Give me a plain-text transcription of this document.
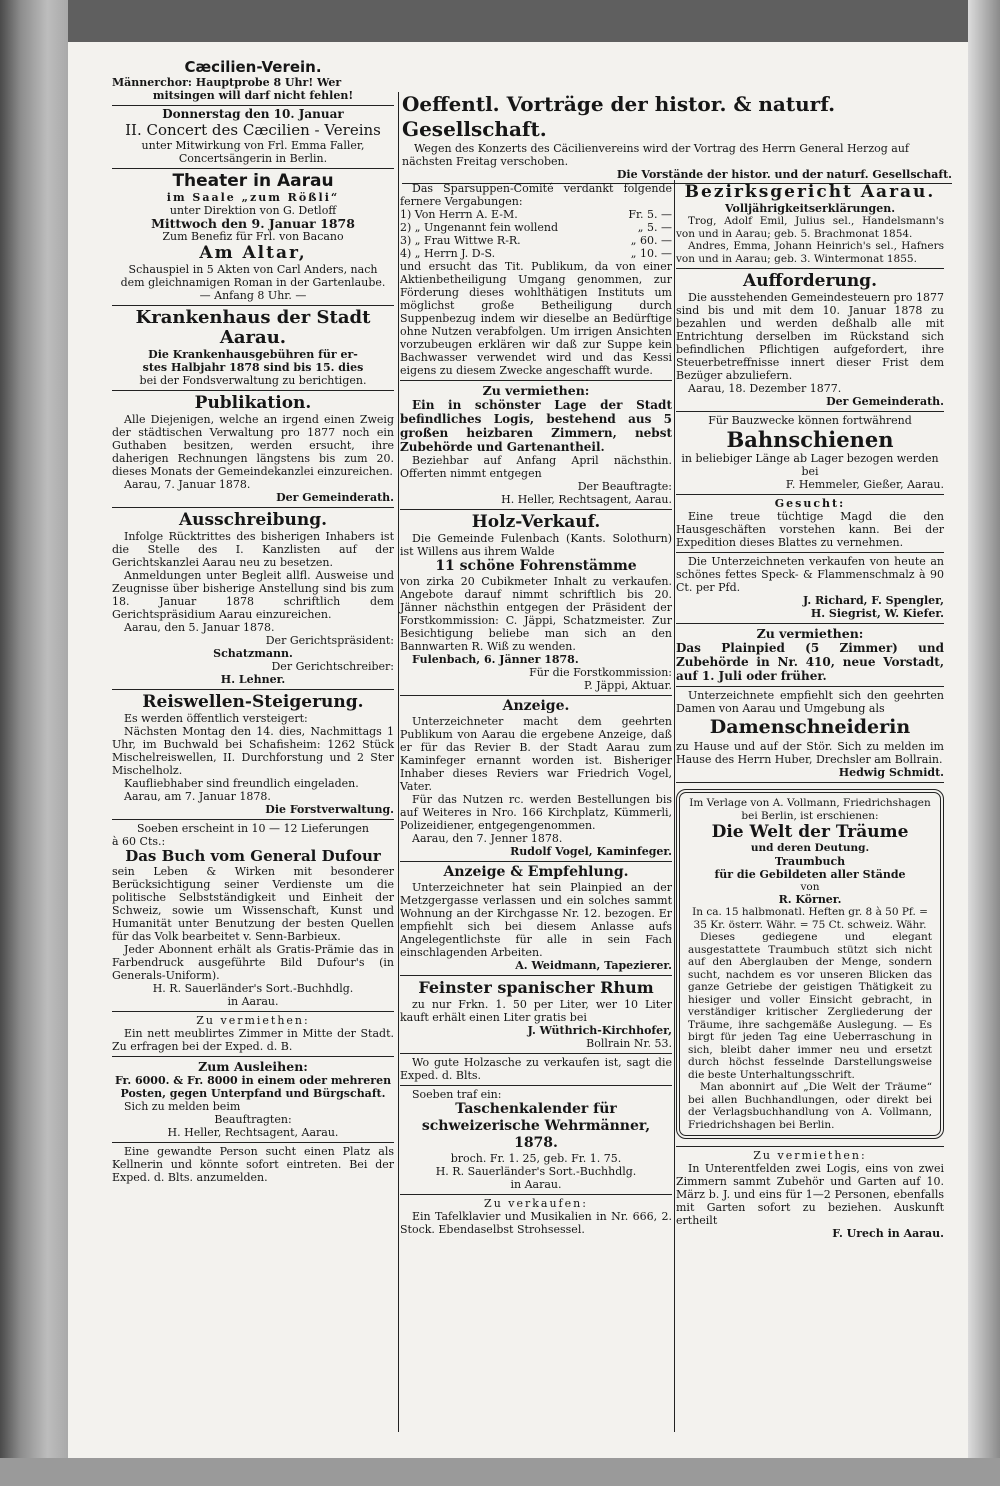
Cæcilien-Verein.
Männerchor: Hauptprobe 8 Uhr! Wer
mitsingen will darf nicht fehlen!
Donnerstag den 10. Januar
II. Concert des Cæcilien - Vereins
unter Mitwirkung von Frl. Emma Faller,
Concertsängerin in Berlin.
Theater in Aarau
im Saale „zum Rößli“
unter Direktion von G. Detloff
Mittwoch den 9. Januar 1878
Zum Benefiz für Frl. von Bacano
Am Altar,
Schauspiel in 5 Akten von Carl Anders, nach
dem gleichnamigen Roman in der Gartenlaube.
— Anfang 8 Uhr. —
Krankenhaus der Stadt Aarau.
Die Krankenhausgebühren für er-
stes Halbjahr 1878 sind bis 15. dies
bei der Fondsverwaltung zu berichtigen.
Publikation.

Alle Diejenigen, welche an irgend einen Zweig der städtischen Verwaltung pro 1877 noch ein Guthaben besitzen, werden ersucht, ihre daherigen Rechnungen längstens bis zum 20. dieses Monats der Gemeindekanzlei einzureichen.

Aarau, 7. Januar 1878.

Der Gemeinderath.

Ausschreibung.

Infolge Rücktrittes des bisherigen Inhabers ist die Stelle des I. Kanzlisten auf der Gerichtskanzlei Aarau neu zu besetzen.

Anmeldungen unter Begleit allfl. Ausweise und Zeugnisse über bisherige Anstellung sind bis zum 18. Januar 1878 schriftlich dem Gerichtspräsidium Aarau einzureichen.

Aarau, den 5. Januar 1878.

Der Gerichtspräsident:

Schatzmann.

Der Gerichtschreiber:

H. Lehner.

Reiswellen-Steigerung.

Es werden öffentlich versteigert:

Nächsten Montag den 14. dies, Nachmittags 1 Uhr, im Buchwald bei Schafisheim: 1262 Stück Mischelreiswellen, II. Durchforstung und 2 Ster Mischelholz.

Kaufliebhaber sind freundlich eingeladen.

Aarau, am 7. Januar 1878.

Die Forstverwaltung.

Soeben erscheint in 10 — 12 Lieferungen

à 60 Cts.:

Das Buch vom General Dufour

sein Leben & Wirken mit besonderer Berücksichtigung seiner Verdienste um die politische Selbstständigkeit und Einheit der Schweiz, sowie um Wissenschaft, Kunst und Humanität unter Benutzung der besten Quellen für das Volk bearbeitet v. Senn-Barbieux.

Jeder Abonnent erhält als Gratis-Prämie das in Farbendruck ausgeführte Bild Dufour's (in Generals-Uniform).

H. R. Sauerländer's Sort.-Buchhdlg.

in Aarau.

Zu vermiethen:

Ein nett meublirtes Zimmer in Mitte der Stadt. Zu erfragen bei der Exped. d. B.

Zum Ausleihen:

Fr. 6000. & Fr. 8000 in einem oder mehreren Posten, gegen Unterpfand und Bürgschaft.

Sich zu melden beim

Beauftragten:

H. Heller, Rechtsagent, Aarau.

Eine gewandte Person sucht einen Platz als Kellnerin und könnte sofort eintreten. Bei der Exped. d. Blts. anzumelden.

Oeffentl. Vorträge der histor. & naturf. Gesellschaft.

Wegen des Konzerts des Cäcilienvereins wird der Vortrag des Herrn General Herzog auf nächsten Freitag verschoben.

Die Vorstände der histor. und der naturf. Gesellschaft.

Das Sparsuppen-Comité verdankt folgende fernere Vergabungen:

1) Von Herrn A. E-M.	Fr. 5. —
2) „ Ungenannt fein wollend	„ 5. —
3) „ Frau Wittwe R-R.	„ 60. —
4) „ Herrn J. D-S.	„ 10. —

und ersucht das Tit. Publikum, da von einer Aktienbetheiligung Umgang genommen, zur Förderung dieses wohlthätigen Instituts um möglichst große Betheiligung durch Suppenbezug indem wir dieselbe an Bedürftige ohne Nutzen verabfolgen. Um irrigen Ansichten vorzubeugen erklären wir daß zur Suppe kein Bachwasser verwendet wird und das Kessi eigens zu diesem Zwecke angeschafft wurde.

Zu vermiethen:

Ein in schönster Lage der Stadt befindliches Logis, bestehend aus 5 großen heizbaren Zimmern, nebst Zubehörde und Gartenantheil.

Beziehbar auf Anfang April nächsthin. Offerten nimmt entgegen

Der Beauftragte:

H. Heller, Rechtsagent, Aarau.

Holz-Verkauf.

Die Gemeinde Fulenbach (Kants. Solothurn) ist Willens aus ihrem Walde

11 schöne Fohrenstämme

von zirka 20 Cubikmeter Inhalt zu verkaufen. Angebote darauf nimmt schriftlich bis 20. Jänner nächsthin entgegen der Präsident der Forstkommission: C. Jäppi, Schatzmeister. Zur Besichtigung beliebe man sich an den Bannwarten R. Wiß zu wenden.

Fulenbach, 6. Jänner 1878.

Für die Forstkommission:

P. Jäppi, Aktuar.

Anzeige.

Unterzeichneter macht dem geehrten Publikum von Aarau die ergebene Anzeige, daß er für das Revier B. der Stadt Aarau zum Kaminfeger ernannt worden ist. Bisheriger Inhaber dieses Reviers war Friedrich Vogel, Vater.

Für das Nutzen rc. werden Bestellungen bis auf Weiteres in Nro. 166 Kirchplatz, Kümmerli, Polizeidiener, entgegengenommen.

Aarau, den 7. Jenner 1878.

Rudolf Vogel, Kaminfeger.

Anzeige & Empfehlung.

Unterzeichneter hat sein Plainpied an der Metzgergasse verlassen und ein solches sammt Wohnung an der Kirchgasse Nr. 12. bezogen. Er empfiehlt sich bei diesem Anlasse aufs Angelegentlichste für alle in sein Fach einschlagenden Arbeiten.

A. Weidmann, Tapezierer.

Feinster spanischer Rhum

zu nur Frkn. 1. 50 per Liter, wer 10 Liter kauft erhält einen Liter gratis bei

J. Wüthrich-Kirchhofer,

Bollrain Nr. 53.

Wo gute Holzasche zu verkaufen ist, sagt die Exped. d. Blts.

Soeben traf ein:

Taschenkalender für schweizerische Wehrmänner, 1878.

broch. Fr. 1. 25, geb. Fr. 1. 75.

H. R. Sauerländer's Sort.-Buchhdlg.

in Aarau.

Zu verkaufen:

Ein Tafelklavier und Musikalien in Nr. 666, 2. Stock. Ebendaselbst Strohsessel.

Bezirksgericht Aarau.

Volljährigkeitserklärungen.

Trog, Adolf Emil, Julius sel., Handelsmann's von und in Aarau; geb. 5. Brachmonat 1854.

Andres, Emma, Johann Heinrich's sel., Hafners von und in Aarau; geb. 3. Wintermonat 1855.

Aufforderung.

Die ausstehenden Gemeindesteuern pro 1877 sind bis und mit dem 10. Januar 1878 zu bezahlen und werden deßhalb alle mit Entrichtung derselben im Rückstand sich befindlichen Pflichtigen aufgefordert, ihre Steuerbetreffnisse innert dieser Frist dem Bezüger abzuliefern.

Aarau, 18. Dezember 1877.

Der Gemeinderath.

Für Bauzwecke können fortwährend

Bahnschienen

in beliebiger Länge ab Lager bezogen werden bei

F. Hemmeler, Gießer, Aarau.

Gesucht:

Eine treue tüchtige Magd die den Hausgeschäften vorstehen kann. Bei der Expedition dieses Blattes zu vernehmen.

Die Unterzeichneten verkaufen von heute an schönes fettes Speck- & Flammenschmalz à 90 Ct. per Pfd.

J. Richard, F. Spengler,

H. Siegrist, W. Kiefer.

Zu vermiethen:

Das Plainpied (5 Zimmer) und Zubehörde in Nr. 410, neue Vorstadt, auf 1. Juli oder früher.

Unterzeichnete empfiehlt sich den geehrten Damen von Aarau und Umgebung als

Damenschneiderin

zu Hause und auf der Stör. Sich zu melden im Hause des Herrn Huber, Drechsler am Bollrain.

Hedwig Schmidt.

Im Verlage von A. Vollmann, Friedrichshagen bei Berlin, ist erschienen:

Die Welt der Träume

und deren Deutung.

Traumbuch

für die Gebildeten aller Stände

von

R. Körner.

In ca. 15 halbmonatl. Heften gr. 8 à 50 Pf. = 35 Kr. österr. Währ. = 75 Ct. schweiz. Währ.

Dieses gediegene und elegant ausgestattete Traumbuch stützt sich nicht auf den Aberglauben der Menge, sondern sucht, nachdem es vor unseren Blicken das ganze Getriebe der geistigen Thätigkeit zu hiesiger und voller Einsicht gebracht, in verständiger kritischer Zergliederung der Träume, ihre sachgemäße Auslegung. — Es birgt für jeden Tag eine Ueberraschung in sich, bleibt daher immer neu und ersetzt durch höchst fesselnde Darstellungsweise die beste Unterhaltungsschrift.

Man abonnirt auf „Die Welt der Träume“ bei allen Buchhandlungen, oder direkt bei der Verlagsbuchhandlung von A. Vollmann, Friedrichshagen bei Berlin.

Zu vermiethen:

In Unterentfelden zwei Logis, eins von zwei Zimmern sammt Zubehör und Garten auf 10. März b. J. und eins für 1—2 Personen, ebenfalls mit Garten sofort zu beziehen. Auskunft ertheilt

F. Urech in Aarau.
